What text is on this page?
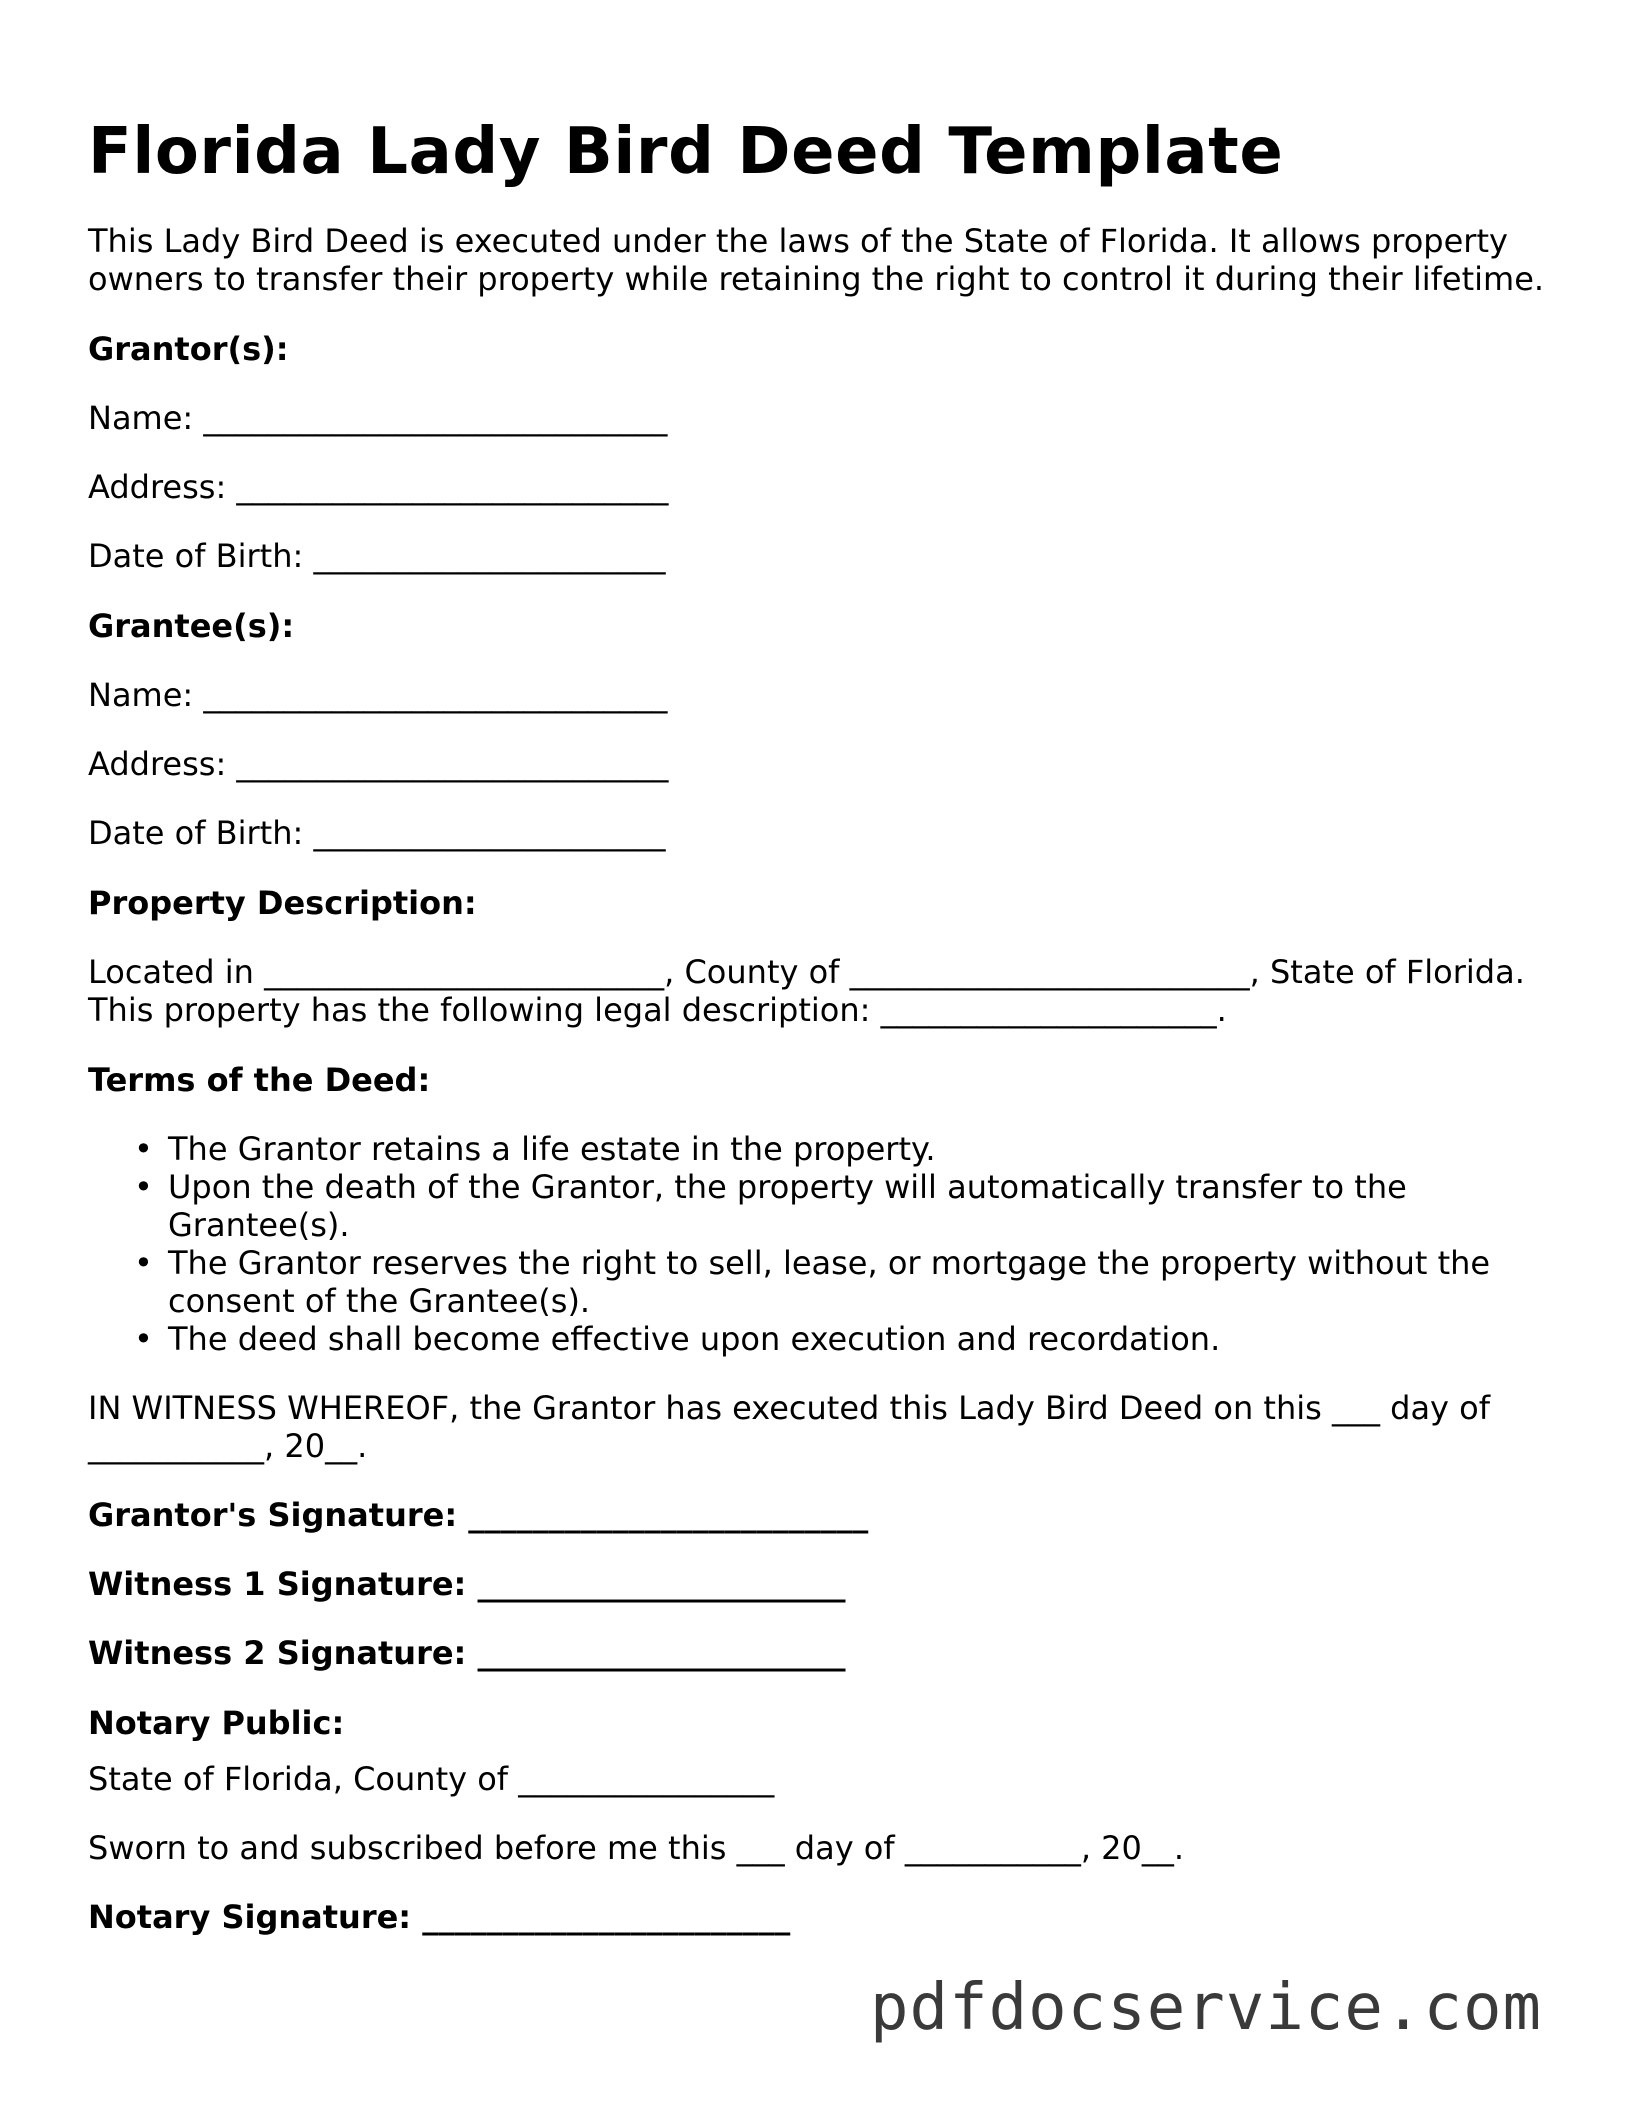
Florida Lady Bird Deed Template

This Lady Bird Deed is executed under the laws of the State of Florida. It allows property owners to transfer their property while retaining the right to control it during their lifetime.

Grantor(s):

Name: _____________________________

Address: ___________________________

Date of Birth: ______________________

Grantee(s):

Name: _____________________________

Address: ___________________________

Date of Birth: ______________________

Property Description:

Located in _________________________, County of _________________________, State of Florida. This property has the following legal description: _____________________.

Terms of the Deed:

• The Grantor retains a life estate in the property.
• Upon the death of the Grantor, the property will automatically transfer to the Grantee(s).
• The Grantor reserves the right to sell, lease, or mortgage the property without the consent of the Grantee(s).
• The deed shall become effective upon execution and recordation.

IN WITNESS WHEREOF, the Grantor has executed this Lady Bird Deed on this ___ day of ___________, 20__.

Grantor's Signature: _________________________

Witness 1 Signature: _______________________

Witness 2 Signature: _______________________

Notary Public:

State of Florida, County of ________________

Sworn to and subscribed before me this ___ day of ___________, 20__.

Notary Signature: _______________________

pdfdocservice.com
